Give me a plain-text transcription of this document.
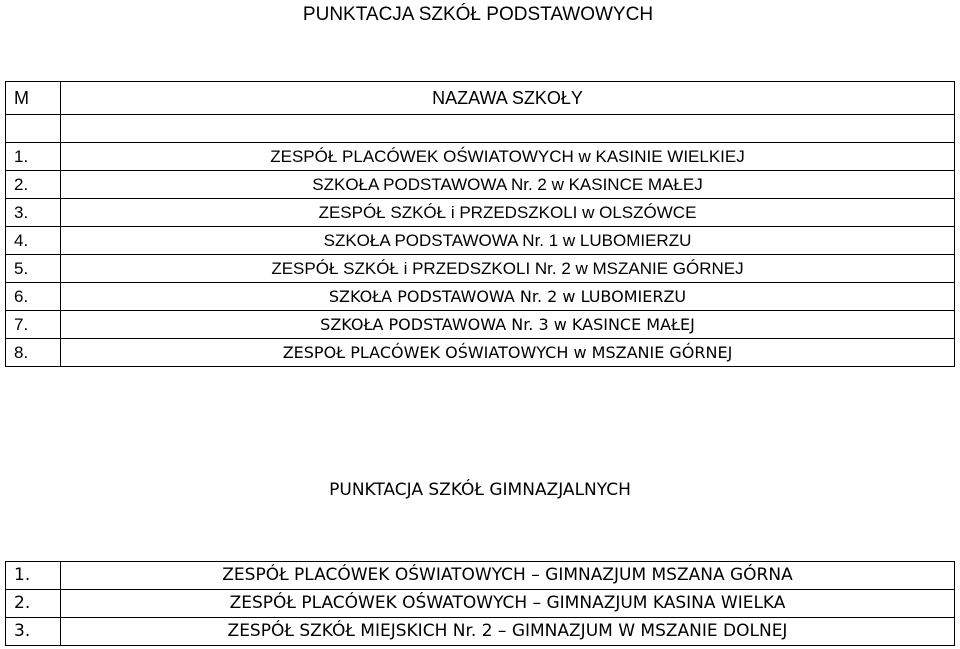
PUNKTACJA SZKÓŁ PODSTAWOWYCH
M	NAZAWA SZKOŁY

1.	ZESPÓŁ PLACÓWEK OŚWIATOWYCH w KASINIE WIELKIEJ
2.	SZKOŁA PODSTAWOWA Nr. 2 w KASINCE MAŁEJ
3.	ZESPÓŁ SZKÓŁ i PRZEDSZKOLI w OLSZÓWCE
4.	SZKOŁA PODSTAWOWA Nr. 1 w LUBOMIERZU
5.	ZESPÓŁ SZKÓŁ i PRZEDSZKOLI Nr. 2 w MSZANIE GÓRNEJ
6.	SZKOŁA PODSTAWOWA Nr. 2 w LUBOMIERZU
7.	SZKOŁA PODSTAWOWA Nr. 3 w KASINCE MAŁEJ
8.	ZESPOŁ PLACÓWEK OŚWIATOWYCH w MSZANIE GÓRNEJ
PUNKTACJA SZKÓŁ GIMNAZJALNYCH
1.	ZESPÓŁ PLACÓWEK OŚWIATOWYCH – GIMNAZJUM MSZANA GÓRNA
2.	ZESPÓŁ PLACÓWEK OŚWATOWYCH – GIMNAZJUM KASINA WIELKA
3.	ZESPÓŁ SZKÓŁ MIEJSKICH Nr. 2 – GIMNAZJUM W MSZANIE DOLNEJ
